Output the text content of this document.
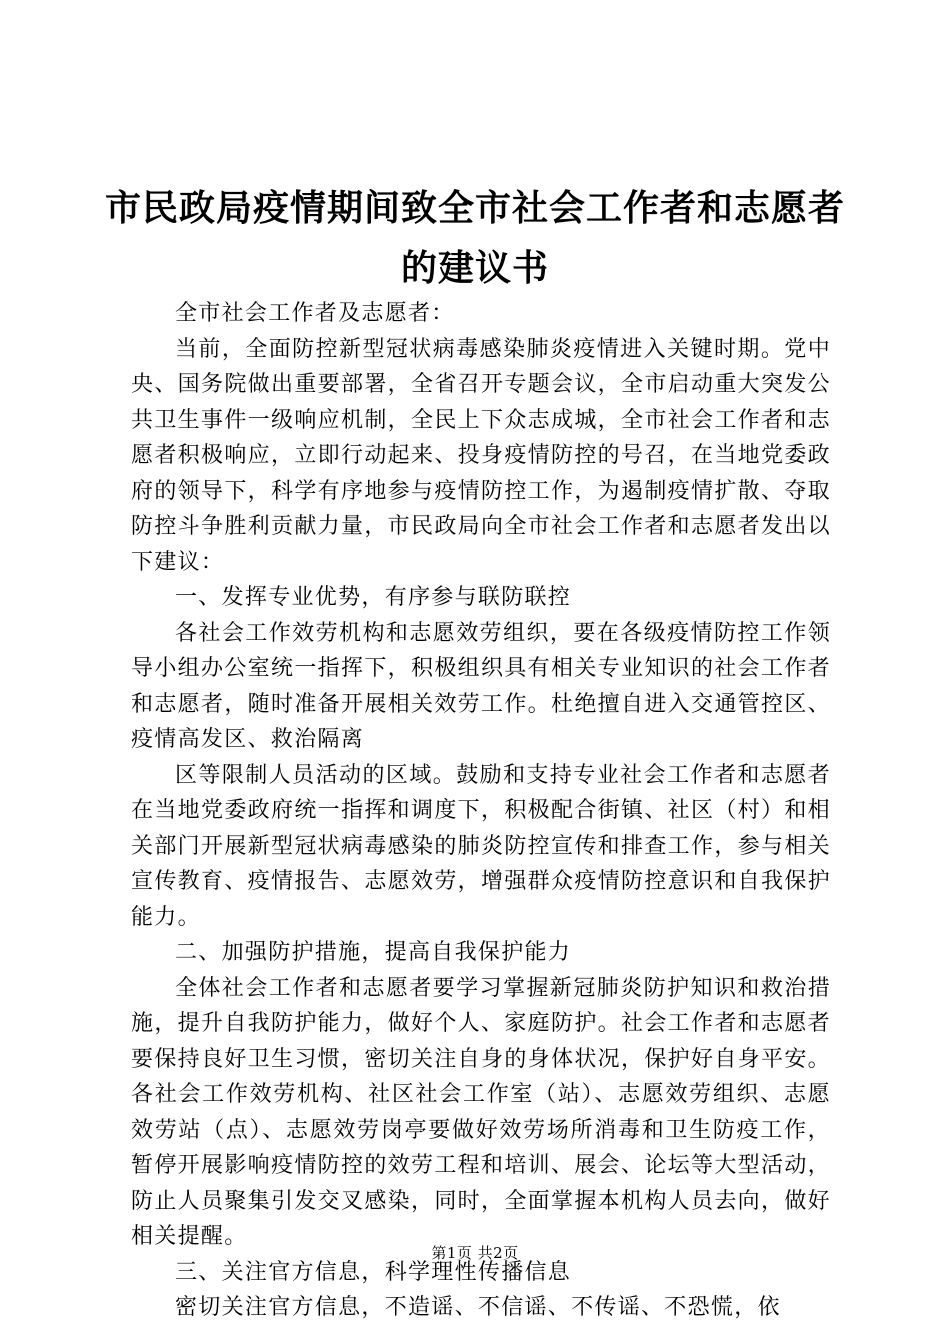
市民政局疫情期间致全市社会工作者和志愿者
的建议书

全市社会工作者及志愿者：

当前，全面防控新型冠状病毒感染肺炎疫情进入关键时期。党中央、国务院做出重要部署，全省召开专题会议，全市启动重大突发公共卫生事件一级响应机制，全民上下众志成城，全市社会工作者和志愿者积极响应，立即行动起来、投身疫情防控的号召，在当地党委政府的领导下，科学有序地参与疫情防控工作，为遏制疫情扩散、夺取防控斗争胜利贡献力量，市民政局向全市社会工作者和志愿者发出以下建议：

一、发挥专业优势，有序参与联防联控

各社会工作效劳机构和志愿效劳组织，要在各级疫情防控工作领导小组办公室统一指挥下，积极组织具有相关专业知识的社会工作者和志愿者，随时准备开展相关效劳工作。杜绝擅自进入交通管控区、疫情高发区、救治隔离

区等限制人员活动的区域。鼓励和支持专业社会工作者和志愿者在当地党委政府统一指挥和调度下，积极配合街镇、社区（村）和相关部门开展新型冠状病毒感染的肺炎防控宣传和排查工作，参与相关宣传教育、疫情报告、志愿效劳，增强群众疫情防控意识和自我保护能力。

二、加强防护措施，提高自我保护能力

全体社会工作者和志愿者要学习掌握新冠肺炎防护知识和救治措施，提升自我防护能力，做好个人、家庭防护。社会工作者和志愿者要保持良好卫生习惯，密切关注自身的身体状况，保护好自身平安。各社会工作效劳机构、社区社会工作室（站）、志愿效劳组织、志愿效劳站（点）、志愿效劳岗亭要做好效劳场所消毒和卫生防疫工作，暂停开展影响疫情防控的效劳工程和培训、展会、论坛等大型活动，防止人员聚集引发交叉感染，同时，全面掌握本机构人员去向，做好相关提醒。

三、关注官方信息，科学理性传播信息

密切关注官方信息，不造谣、不信谣、不传谣、不恐慌，依

第1页 共2页
